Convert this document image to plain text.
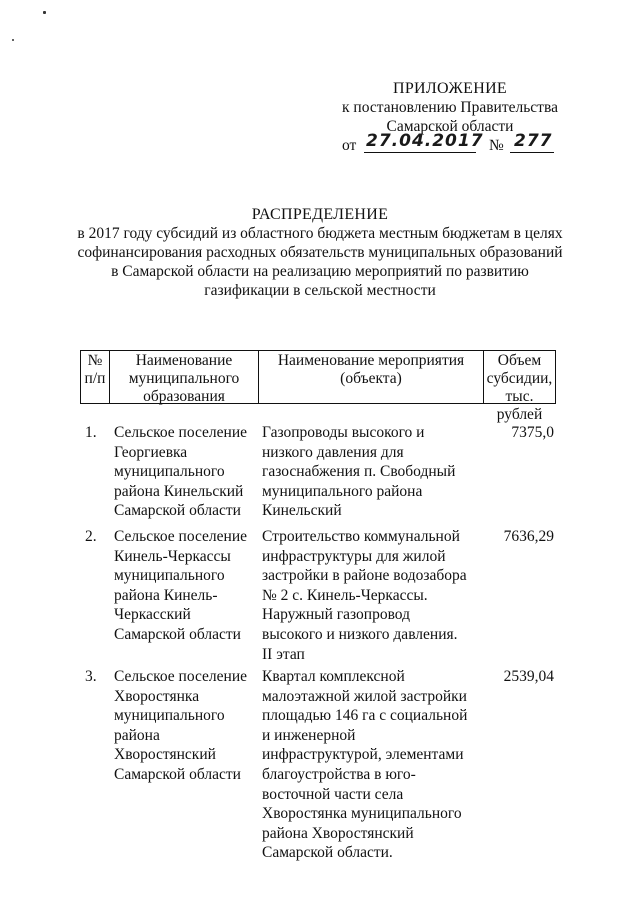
ПРИЛОЖЕНИЕ
к постановлению Правительства
Самарской области
от 27.04.2017 № 277
РАСПРЕДЕЛЕНИЕ
в 2017 году субсидий из областного бюджета местным бюджетам в целях
софинансирования расходных обязательств муниципальных образований
в Самарской области на реализацию мероприятий по развитию
газификации в сельской местности
№
п/п
Наименование
муниципального
образования
Наименование мероприятия
(объекта)
Объем
субсидии,
тыс. рублей
1. Сельское поселение
Георгиевка
муниципального
района Кинельский
Самарской области
Газопроводы высокого и
низкого давления для
газоснабжения п. Свободный
муниципального района
Кинельский
7375,0
2. Сельское поселение
Кинель-Черкассы
муниципального
района Кинель-
Черкасский
Самарской области
Строительство коммунальной
инфраструктуры для жилой
застройки в районе водозабора
№ 2 с. Кинель-Черкассы.
Наружный газопровод
высокого и низкого давления.
II этап
7636,29
3. Сельское поселение
Хворостянка
муниципального
района
Хворостянский
Самарской области
Квартал комплексной
малоэтажной жилой застройки
площадью 146 га с социальной
и инженерной
инфраструктурой, элементами
благоустройства в юго-
восточной части села
Хворостянка муниципального
района Хворостянский
Самарской области.
2539,04
